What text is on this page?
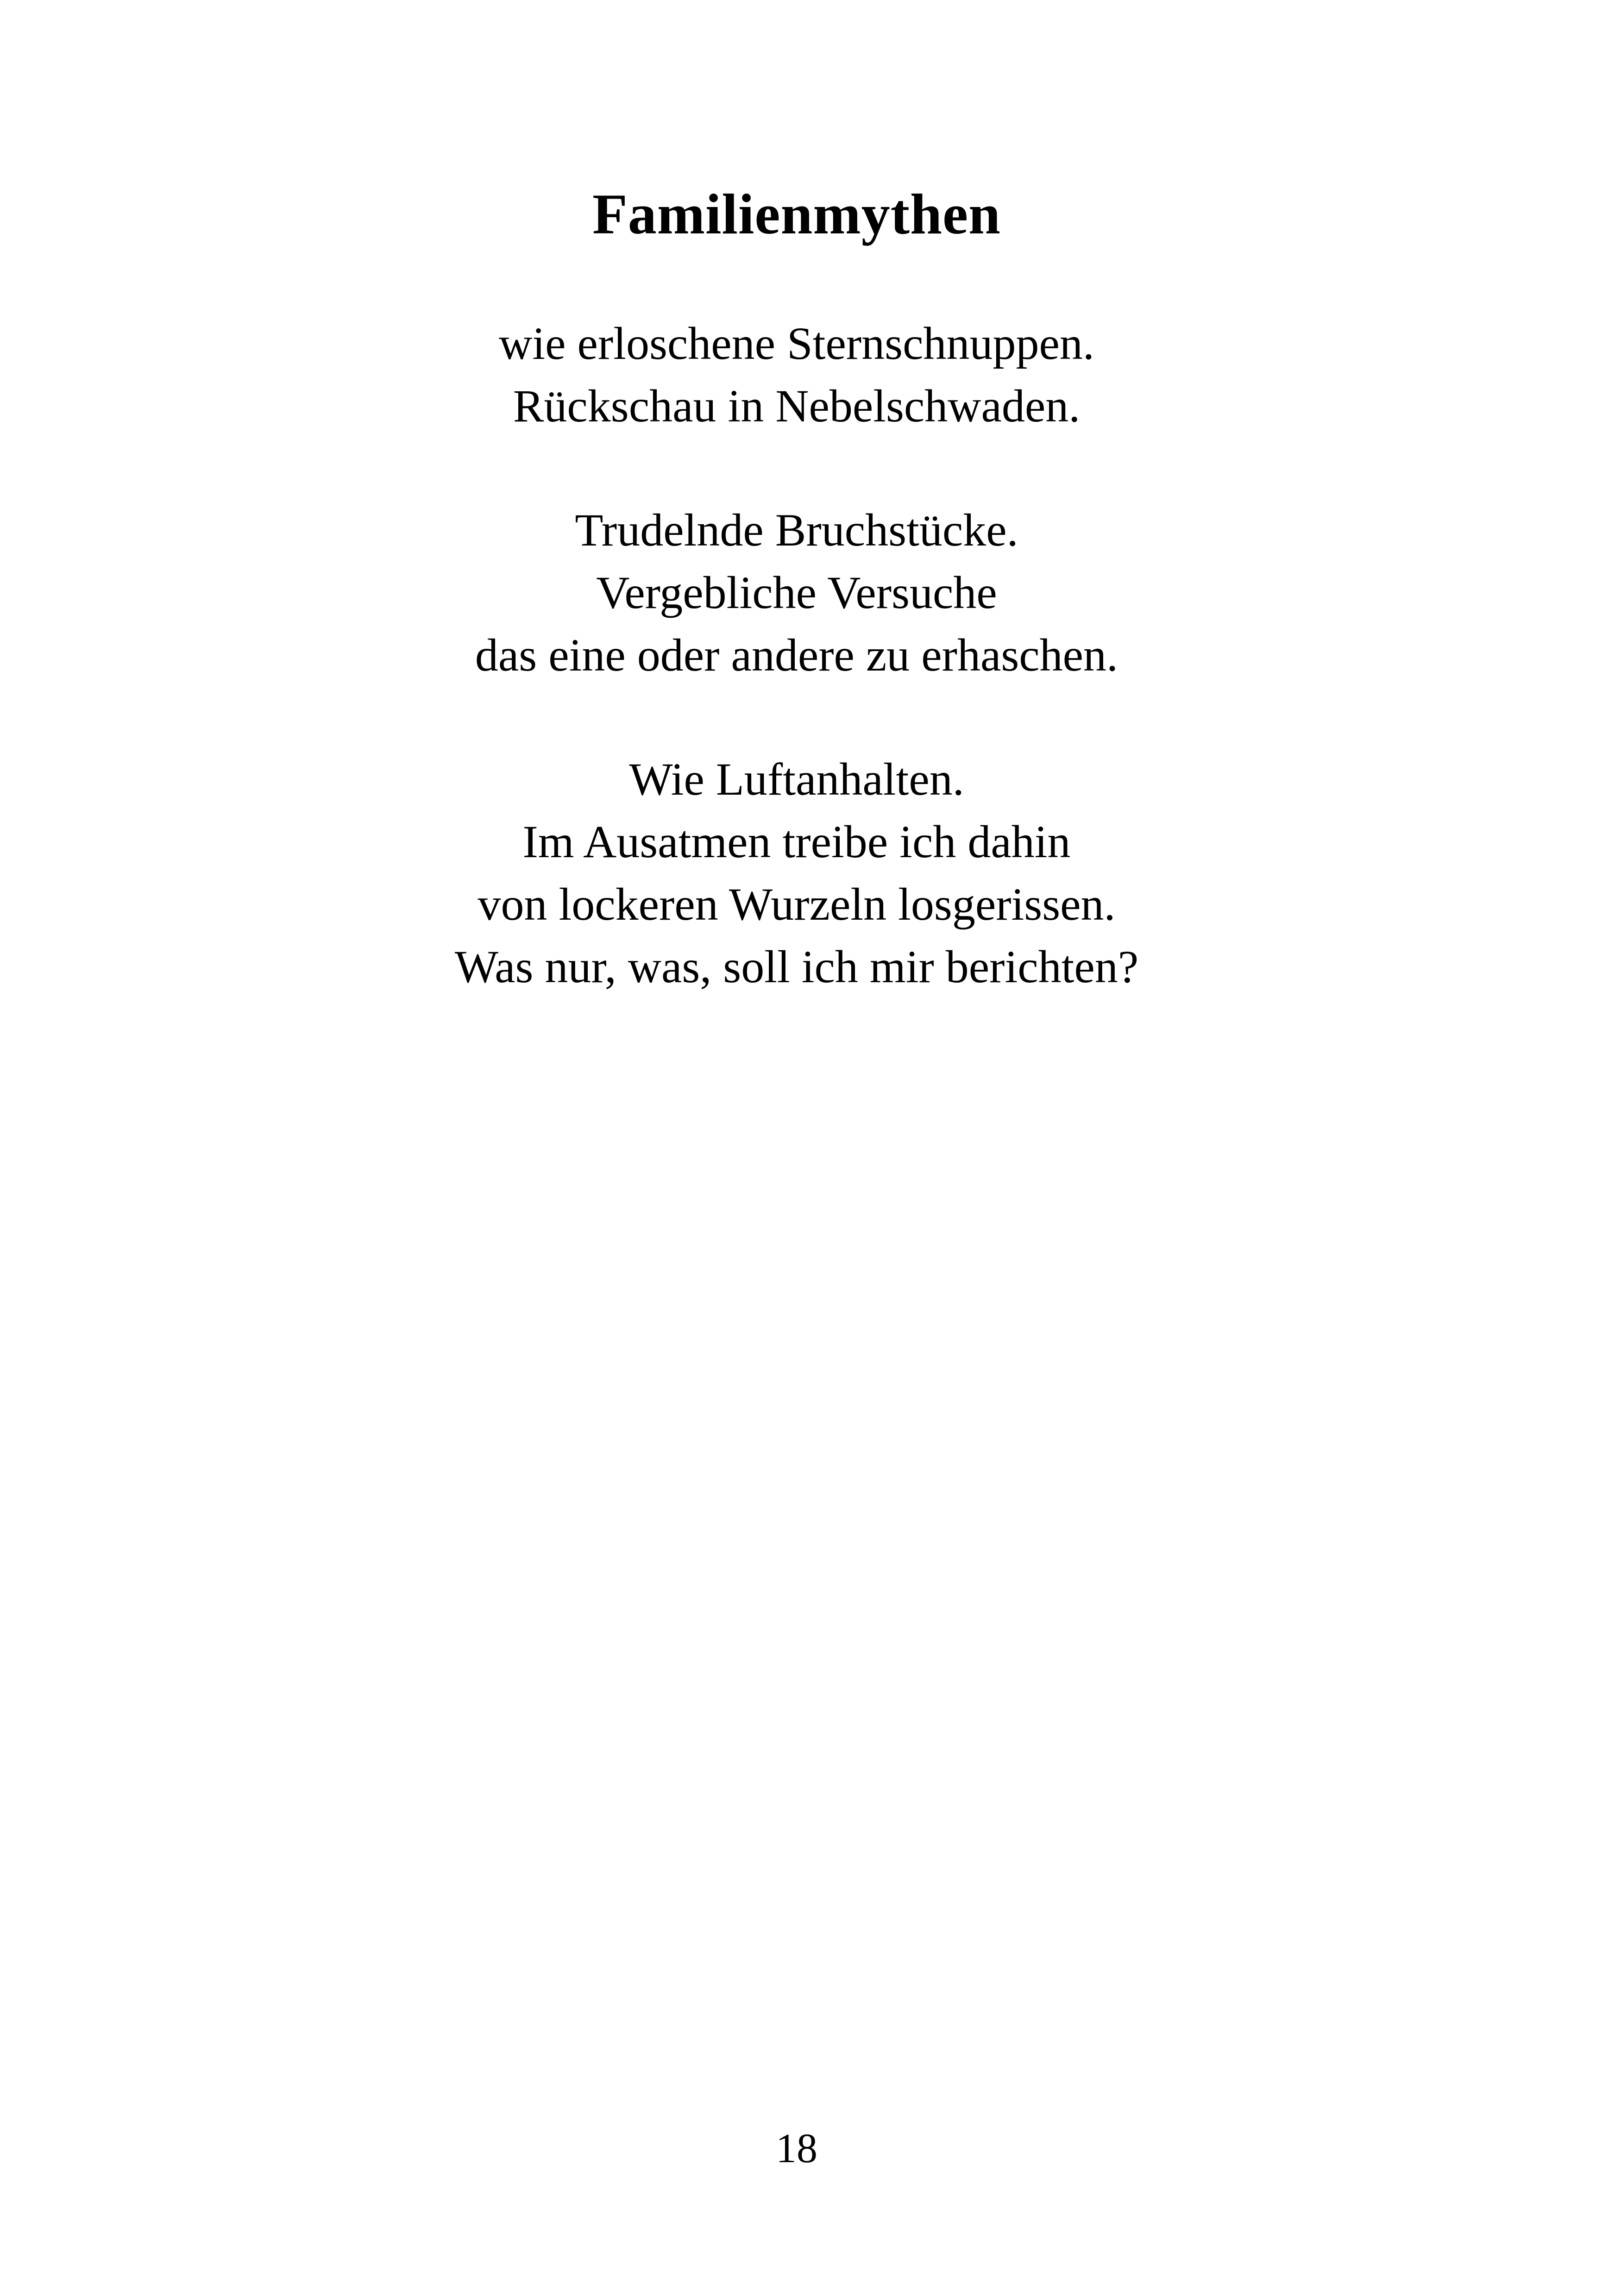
Familienmythen
wie erloschene Sternschnuppen.
Rückschau in Nebelschwaden.
Trudelnde Bruchstücke.
Vergebliche Versuche
das eine oder andere zu erhaschen.
Wie Luftanhalten.
Im Ausatmen treibe ich dahin
von lockeren Wurzeln losgerissen.
Was nur, was, soll ich mir berichten?
18
